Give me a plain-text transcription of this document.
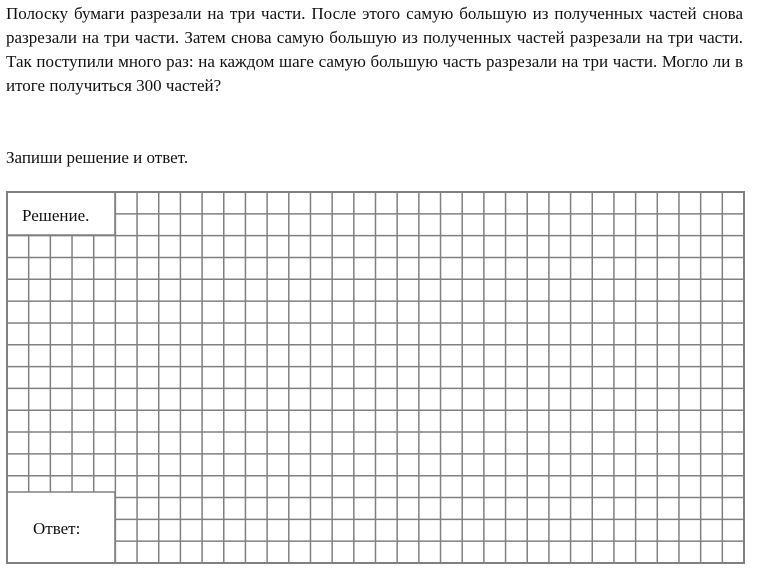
Полоску бумаги разрезали на три части. После этого самую большую из полученных частей снова разрезали на три части. Затем снова самую большую из полученных частей разрезали на три части. Так поступили много раз: на каждом шаге самую большую часть разрезали на три части. Могло ли в итоге получиться 300 частей?

Запиши решение и ответ.

Решение.
Ответ:
